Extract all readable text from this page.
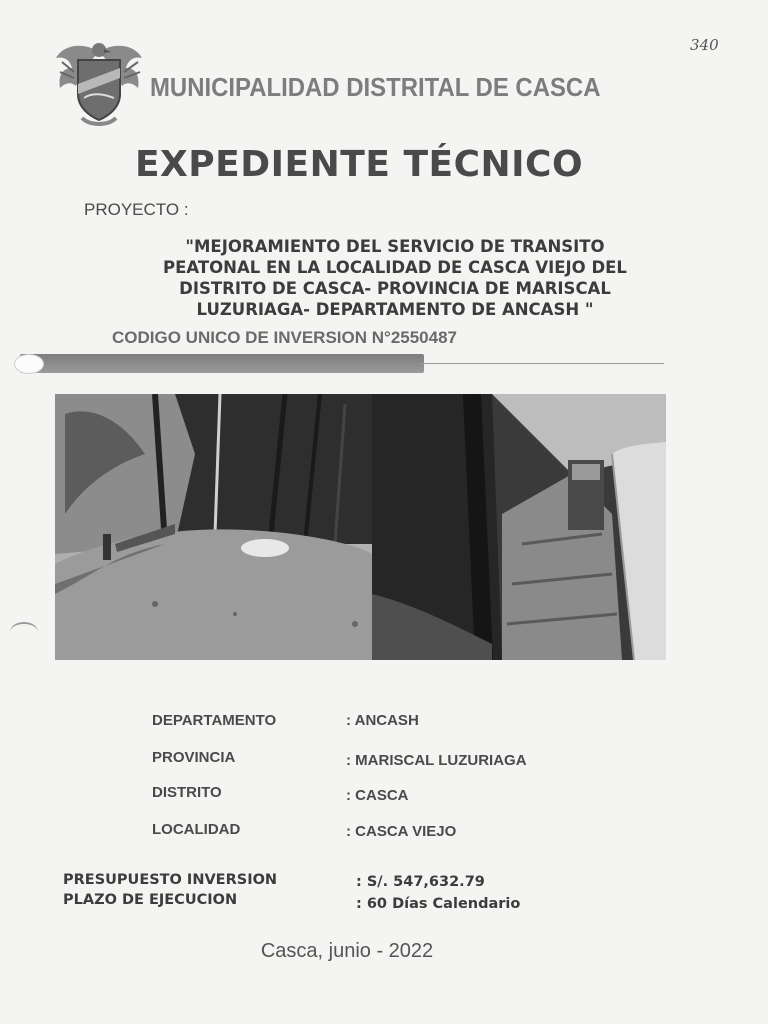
340
MUNICIPALIDAD DISTRITAL DE CASCA
EXPEDIENTE TÉCNICO
PROYECTO :
"MEJORAMIENTO DEL SERVICIO DE TRANSITO
PEATONAL EN LA LOCALIDAD DE CASCA VIEJO DEL
DISTRITO DE CASCA- PROVINCIA DE MARISCAL
LUZURIAGA- DEPARTAMENTO DE ANCASH "
CODIGO UNICO DE INVERSION N°2550487
DEPARTAMENTO	: ANCASH
PROVINCIA	: MARISCAL LUZURIAGA
DISTRITO	: CASCA
LOCALIDAD	: CASCA VIEJO
PRESUPUESTO INVERSION	: S/. 547,632.79
PLAZO DE EJECUCION	: 60 Días Calendario
Casca, junio - 2022
